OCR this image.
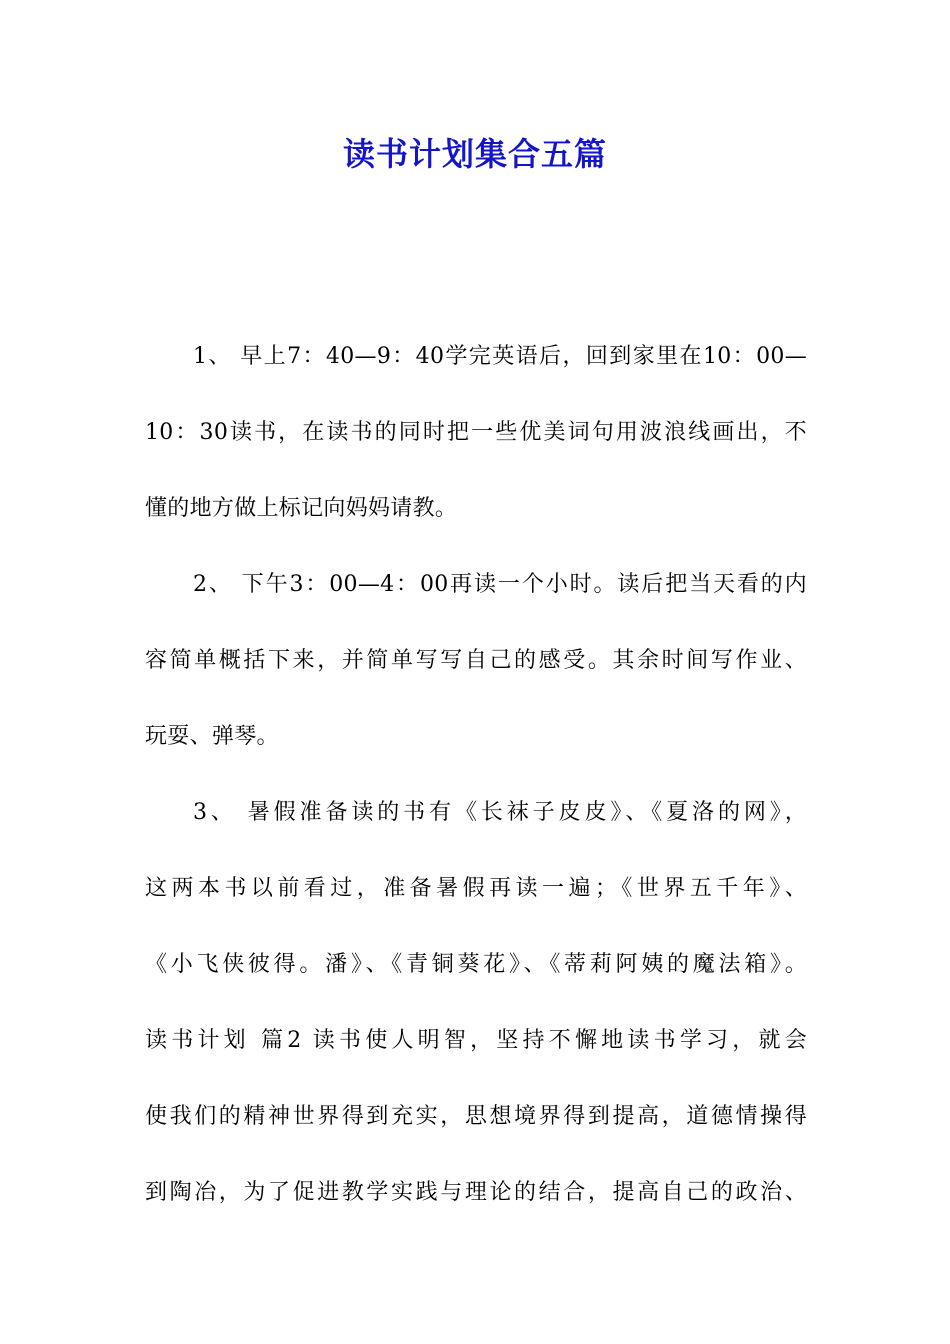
读书计划集合五篇

1、 早上7：40—9：40学完英语后，回到家里在10：00—

10：30读书，在读书的同时把一些优美词句用波浪线画出，不

懂的地方做上标记向妈妈请教。

2、 下午3：00—4：00再读一个小时。读后把当天看的内

容简单概括下来，并简单写写自己的感受。其余时间写作业、

玩耍、弹琴。

3、 暑假准备读的书有《长袜子皮皮》、《夏洛的网》，

这两本书以前看过，准备暑假再读一遍；《世界五千年》、

《小飞侠彼得。潘》、《青铜葵花》、《蒂莉阿姨的魔法箱》。

读书计划 篇2 读书使人明智，坚持不懈地读书学习，就会

使我们的精神世界得到充实，思想境界得到提高，道德情操得

到陶冶，为了促进教学实践与理论的结合，提高自己的政治、
